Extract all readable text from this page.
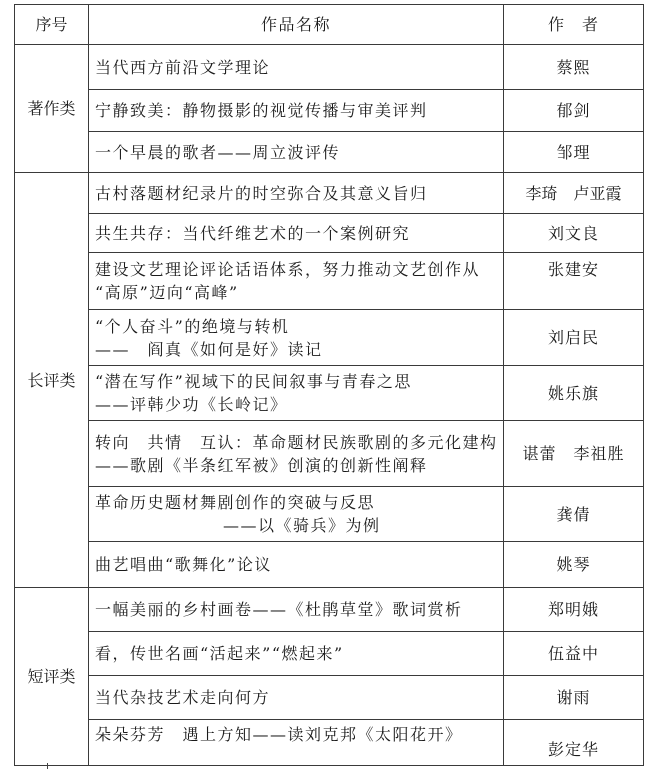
序号	作品名称	作　者
著作类	当代西方前沿文学理论	蔡熙

	宁静致美：静物摄影的视觉传播与审美评判	郁剑

	一个早晨的歌者——周立波评传	邹理
长评类	古村落题材纪录片的时空弥合及其意义旨归	李琦　卢亚霞

	共生共存：当代纤维艺术的一个案例研究	刘文良

	建设文艺理论评论话语体系，努力推动文艺创作从
“高原”迈向“高峰”	张建安

	“个人奋斗”的绝境与转机
——　阎真《如何是好》读记	刘启民

	“潜在写作”视域下的民间叙事与青春之思
——评韩少功《长岭记》	姚乐旗

	转向　共情　互认：革命题材民族歌剧的多元化建构
——歌剧《半条红军被》创演的创新性阐释	谌蕾　李祖胜

	革命历史题材舞剧创作的突破与反思
——以《骑兵》为例	龚倩

	曲艺唱曲“歌舞化”论议	姚琴
短评类	一幅美丽的乡村画卷——《杜鹃草堂》歌词赏析	郑明娥

	看，传世名画“活起来”“燃起来”	伍益中

	当代杂技艺术走向何方	谢雨

	朵朵芬芳　遇上方知——读刘克邦《太阳花开》	彭定华
